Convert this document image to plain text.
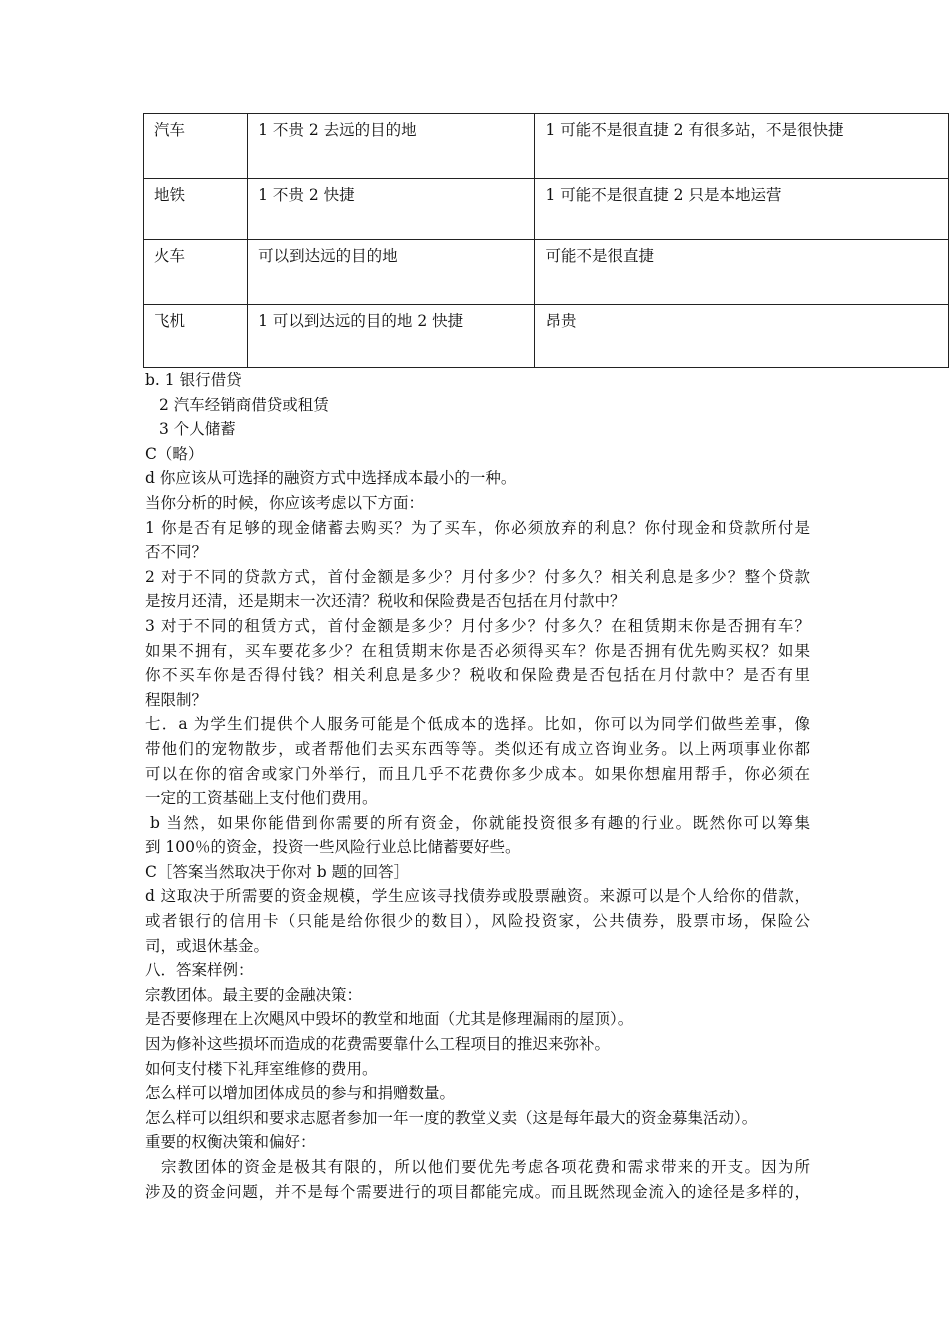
汽车	1 不贵 2 去远的目的地	1 可能不是很直捷 2 有很多站，不是很快捷
地铁	1 不贵 2 快捷	1 可能不是很直捷 2 只是本地运营
火车	可以到达远的目的地	可能不是很直捷
飞机	1 可以到达远的目的地 2 快捷	昂贵
b. 1 银行借贷
2 汽车经销商借贷或租赁
3 个人储蓄
C（略）
d 你应该从可选择的融资方式中选择成本最小的一种。
当你分析的时候，你应该考虑以下方面：
1 你是否有足够的现金储蓄去购买？为了买车，你必须放弃的利息？你付现金和贷款所付是
否不同？
2 对于不同的贷款方式，首付金额是多少？月付多少？付多久？相关利息是多少？整个贷款
是按月还清，还是期末一次还清？税收和保险费是否包括在月付款中？
3 对于不同的租赁方式，首付金额是多少？月付多少？付多久？在租赁期末你是否拥有车？
如果不拥有，买车要花多少？在租赁期末你是否必须得买车？你是否拥有优先购买权？如果
你不买车你是否得付钱？相关利息是多少？税收和保险费是否包括在月付款中？是否有里
程限制？
七．a 为学生们提供个人服务可能是个低成本的选择。比如，你可以为同学们做些差事，像
带他们的宠物散步，或者帮他们去买东西等等。类似还有成立咨询业务。以上两项事业你都
可以在你的宿舍或家门外举行，而且几乎不花费你多少成本。如果你想雇用帮手，你必须在
一定的工资基础上支付他们费用。
b 当然，如果你能借到你需要的所有资金，你就能投资很多有趣的行业。既然你可以筹集
到 100％的资金，投资一些风险行业总比储蓄要好些。
C［答案当然取决于你对 b 题的回答］
d 这取决于所需要的资金规模，学生应该寻找债券或股票融资。来源可以是个人给你的借款，
或者银行的信用卡（只能是给你很少的数目），风险投资家，公共债券，股票市场，保险公
司，或退休基金。
八．答案样例：
宗教团体。最主要的金融决策：
是否要修理在上次飓风中毁坏的教堂和地面（尤其是修理漏雨的屋顶）。
因为修补这些损坏而造成的花费需要靠什么工程项目的推迟来弥补。
如何支付楼下礼拜室维修的费用。
怎么样可以增加团体成员的参与和捐赠数量。
怎么样可以组织和要求志愿者参加一年一度的教堂义卖（这是每年最大的资金募集活动）。
重要的权衡决策和偏好：
宗教团体的资金是极其有限的，所以他们要优先考虑各项花费和需求带来的开支。因为所
涉及的资金问题，并不是每个需要进行的项目都能完成。而且既然现金流入的途径是多样的，
